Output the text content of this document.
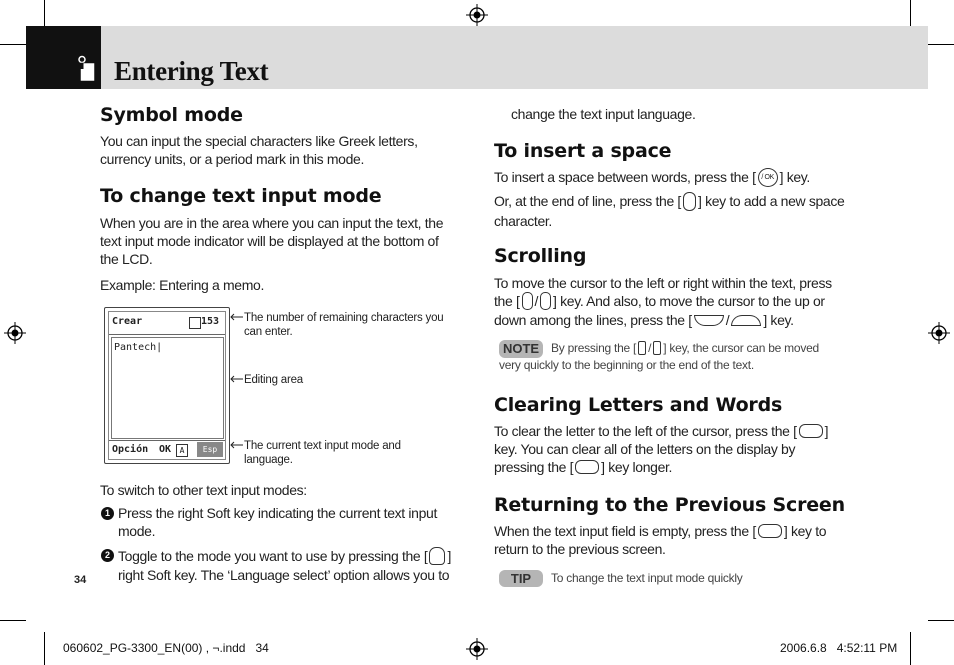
Entering Text
Symbol mode

You can input the special characters like Greek letters,
currency units, or a period mark in this mode.

To change text input mode

When you are in the area where you can input the text, the
text input mode indicator will be displayed at the bottom of
the LCD.

Example: Entering a memo.

Crear	153
Pantech|
Opción OK	A	Esp

The number of remaining characters you
can enter.

Editing area

The current text input mode and
language.

To switch to other text input modes:

1 Press the right Soft key indicating the current text input
mode.

2 Toggle to the mode you want to use by pressing the [ ]
right Soft key. The ‘Language select’ option allows you to

34

change the text input language.

To insert a space

To insert a space between words, press the [ / OK ] key.

Or, at the end of line, press the [ ] key to add a new space
character.

Scrolling

To move the cursor to the left or right within the text, press
the [ / ] key. And also, to move the cursor to the up or
down among the lines, press the [ / ] key.

NOTE By pressing the [ / ] key, the cursor can be moved

very quickly to the beginning or the end of the text.

Clearing Letters and Words

To clear the letter to the left of the cursor, press the [ ]
key. You can clear all of the letters on the display by
pressing the [ ] key longer.

Returning to the Previous Screen

When the text input field is empty, press the [ ] key to
return to the previous screen.

TIP	To change the text input mode quickly

060602_PG-3300_EN(00) , ¬.indd   34	2006.6.8   4:52:11 PM
